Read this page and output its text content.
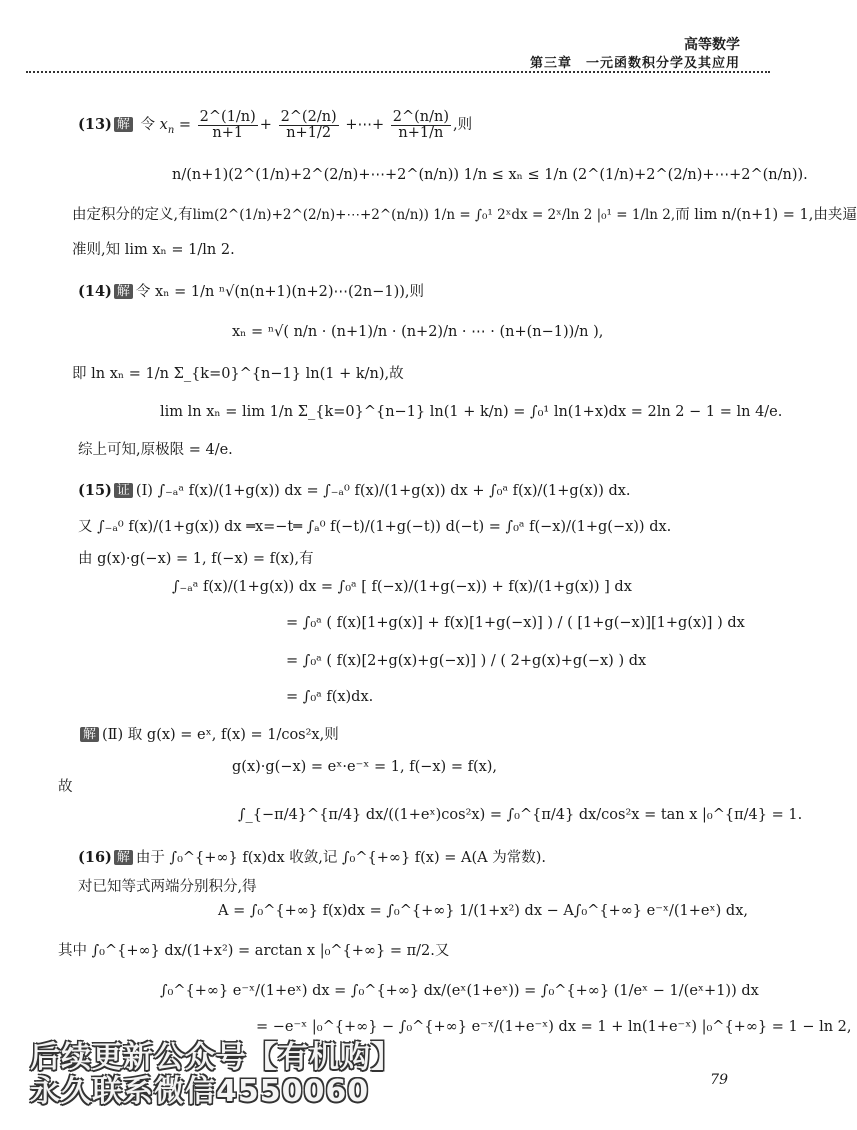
高等数学
第三章　一元函数积分学及其应用
(13) 解 令 $x_n = \frac{2\^{}(1/n)}{n+1} + \frac{2\^{}(2/n)}{n+1/2}$ +⋯+ $\frac{2\^{}(n/n)}{n+1/n}$ ,则
n/(n+1)(2^(1/n)+2^(2/n)+⋯+2^(n/n)) 1/n ≤ xₙ ≤ 1/n (2^(1/n)+2^(2/n)+⋯+2^(n/n)).
由定积分的定义,有lim(2^(1/n)+2^(2/n)+⋯+2^(n/n)) 1/n = ∫₀¹ 2ˣdx = 2ˣ/ln 2 |₀¹ = 1/ln 2,而 lim n/(n+1) = 1,由夹逼
准则,知 lim xₙ = 1/ln 2.
(14) 解 令 xₙ = 1/n ⁿ√(n(n+1)(n+2)⋯(2n−1)),则
xₙ = ⁿ√( n/n · (n+1)/n · (n+2)/n · ⋯ · (n+(n−1))/n ),
即 ln xₙ = 1/n Σ_{k=0}^{n−1} ln(1 + k/n),故
lim ln xₙ = lim 1/n Σ_{k=0}^{n−1} ln(1 + k/n) = ∫₀¹ ln(1+x)dx = 2ln 2 − 1 = ln 4/e.
综上可知,原极限 = 4/e.
(15) 证 (Ⅰ) ∫₋ₐᵃ f(x)/(1+g(x)) dx = ∫₋ₐ⁰ f(x)/(1+g(x)) dx + ∫₀ᵃ f(x)/(1+g(x)) dx.
又 ∫₋ₐ⁰ f(x)/(1+g(x)) dx ═x=−t═ ∫ₐ⁰ f(−t)/(1+g(−t)) d(−t) = ∫₀ᵃ f(−x)/(1+g(−x)) dx.
由 g(x)·g(−x) = 1, f(−x) = f(x),有
∫₋ₐᵃ f(x)/(1+g(x)) dx = ∫₀ᵃ [ f(−x)/(1+g(−x)) + f(x)/(1+g(x)) ] dx
= ∫₀ᵃ ( f(x)[1+g(x)] + f(x)[1+g(−x)] ) / ( [1+g(−x)][1+g(x)] ) dx
= ∫₀ᵃ ( f(x)[2+g(x)+g(−x)] ) / ( 2+g(x)+g(−x) ) dx
= ∫₀ᵃ f(x)dx.
解 (Ⅱ) 取 g(x) = eˣ, f(x) = 1/cos²x,则
g(x)·g(−x) = eˣ·e⁻ˣ = 1, f(−x) = f(x),
故
∫_{−π/4}^{π/4} dx/((1+eˣ)cos²x) = ∫₀^{π/4} dx/cos²x = tan x |₀^{π/4} = 1.
(16) 解 由于 ∫₀^{+∞} f(x)dx 收敛,记 ∫₀^{+∞} f(x) = A(A 为常数).
对已知等式两端分别积分,得
A = ∫₀^{+∞} f(x)dx = ∫₀^{+∞} 1/(1+x²) dx − A∫₀^{+∞} e⁻ˣ/(1+eˣ) dx,
其中 ∫₀^{+∞} dx/(1+x²) = arctan x |₀^{+∞} = π/2.又
∫₀^{+∞} e⁻ˣ/(1+eˣ) dx = ∫₀^{+∞} dx/(eˣ(1+eˣ)) = ∫₀^{+∞} (1/eˣ − 1/(eˣ+1)) dx
= −e⁻ˣ |₀^{+∞} − ∫₀^{+∞} e⁻ˣ/(1+e⁻ˣ) dx = 1 + ln(1+e⁻ˣ) |₀^{+∞} = 1 − ln 2,
79
后续更新公众号【有机购】
永久联系微信4550060
